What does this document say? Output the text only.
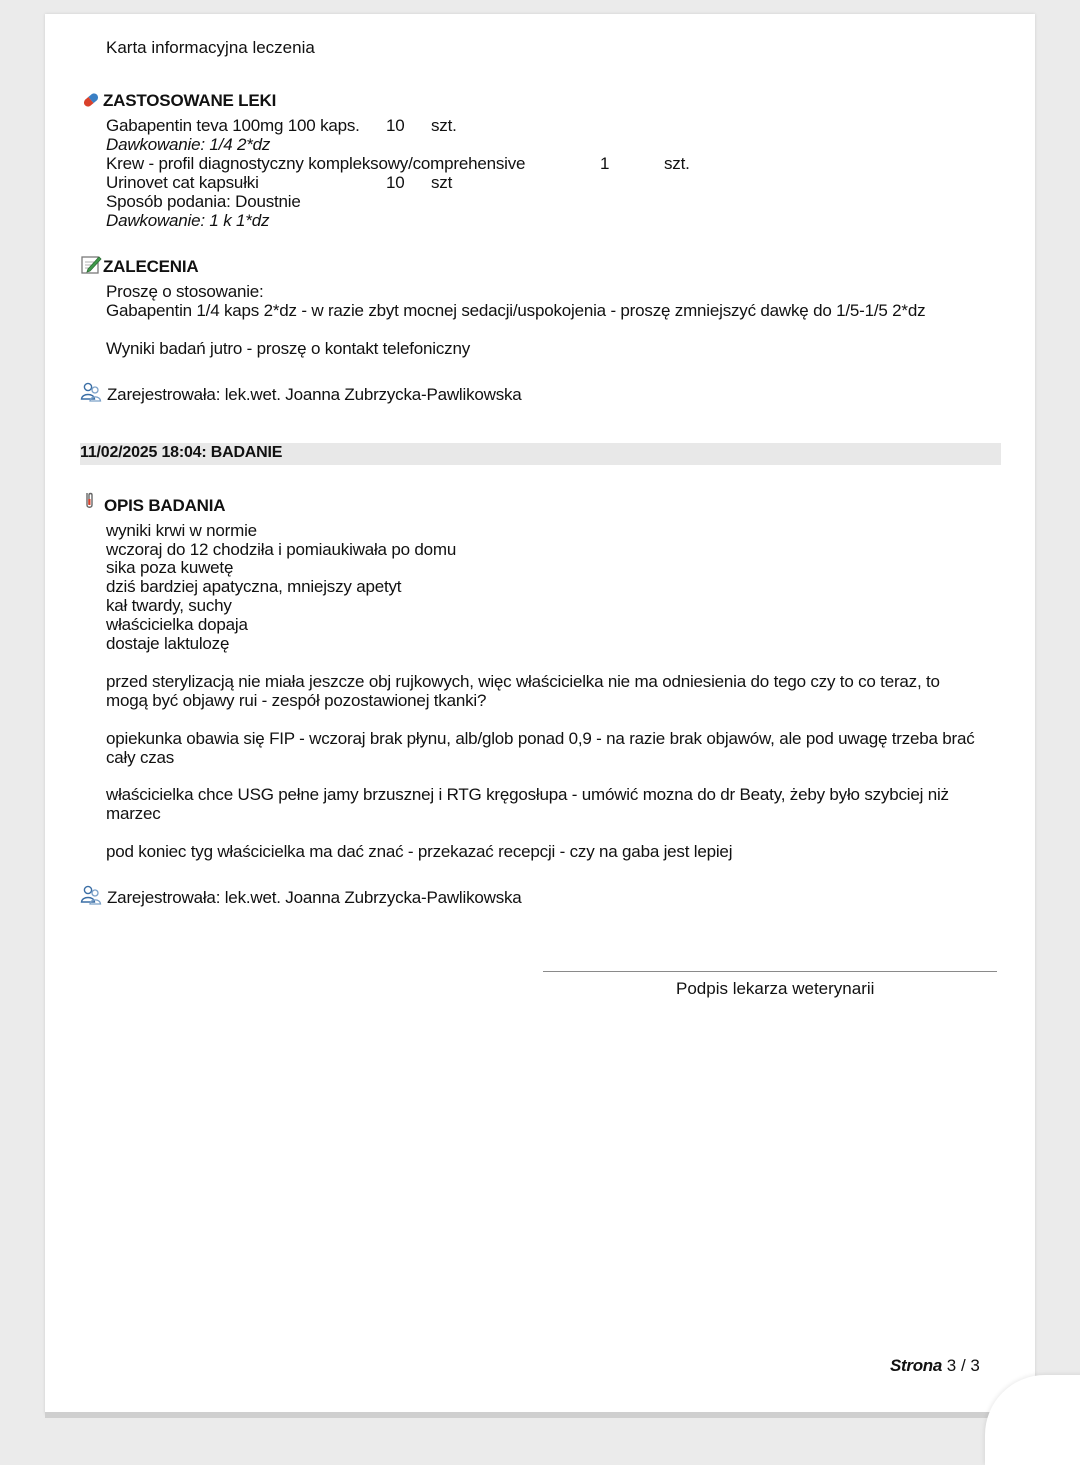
Karta informacyjna leczenia
ZASTOSOWANE LEKI
Gabapentin teva 100mg 100 kaps. 10 szt.
Dawkowanie: 1/4 2*dz
Krew - profil diagnostyczny kompleksowy/comprehensive	1	szt.
Urinovet cat kapsułki	10 szt
Sposób podania: Doustnie
Dawkowanie: 1 k 1*dz
ZALECENIA
Proszę o stosowanie:
Gabapentin 1/4 kaps 2*dz - w razie zbyt mocnej sedacji/uspokojenia - proszę zmniejszyć dawkę do 1/5-1/5 2*dz
Wyniki badań jutro - proszę o kontakt telefoniczny
Zarejestrowała: lek.wet. Joanna Zubrzycka-Pawlikowska
11/02/2025 18:04: BADANIE
OPIS BADANIA
wyniki krwi w normie
wczoraj do 12 chodziła i pomiaukiwała po domu
sika poza kuwetę
dziś bardziej apatyczna, mniejszy apetyt
kał twardy, suchy
właścicielka dopaja
dostaje laktulozę
przed sterylizacją nie miała jeszcze obj rujkowych, więc właścicielka nie ma odniesienia do tego czy to co teraz, to mogą być objawy rui - zespół pozostawionej tkanki?
opiekunka obawia się FIP - wczoraj brak płynu, alb/glob ponad 0,9 - na razie brak objawów, ale pod uwagę trzeba brać cały czas
właścicielka chce USG pełne jamy brzusznej i RTG kręgosłupa - umówić mozna do dr Beaty, żeby było szybciej niż marzec
pod koniec tyg właścicielka ma dać znać - przekazać recepcji - czy na gaba jest lepiej
Zarejestrowała: lek.wet. Joanna Zubrzycka-Pawlikowska
Podpis lekarza weterynarii
Strona 3 / 3
